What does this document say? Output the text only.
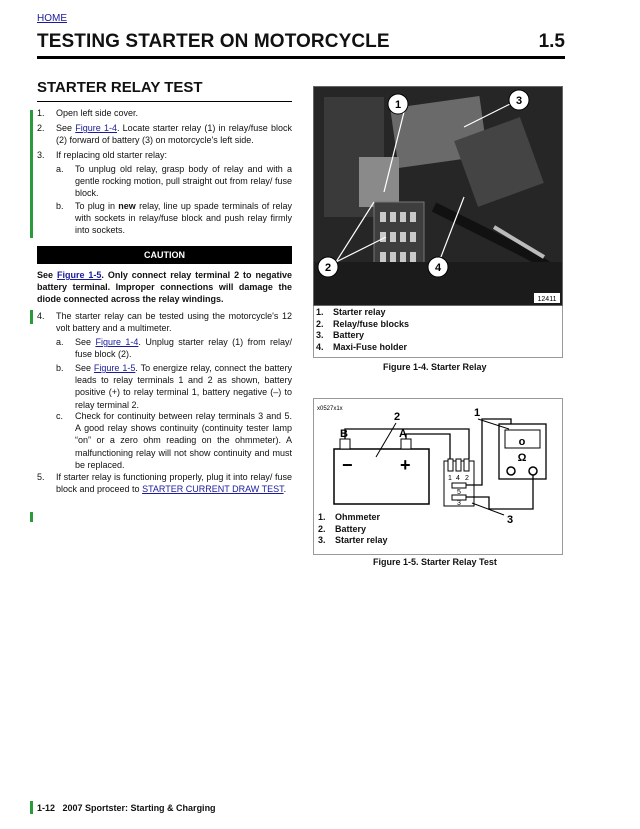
HOME
TESTING STARTER ON MOTORCYCLE	1.5
STARTER RELAY TEST
1. Open left side cover.
2. See Figure 1-4. Locate starter relay (1) in relay/fuse block (2) forward of battery (3) on motorcycle's left side.
3. If replacing old starter relay:
a. To unplug old relay, grasp body of relay and with a gentle rocking motion, pull straight out from relay/ fuse block.
b. To plug in new relay, line up spade terminals of relay with sockets in relay/fuse block and push relay firmly into sockets.
CAUTION
See Figure 1-5. Only connect relay terminal 2 to negative battery terminal. Improper connections will damage the diode connected across the relay windings.
4. The starter relay can be tested using the motorcycle's 12 volt battery and a multimeter.
a. See Figure 1-4. Unplug starter relay (1) from relay/ fuse block (2).
b. See Figure 1-5. To energize relay, connect the battery leads to relay terminals 1 and 2 as shown, battery positive (+) to relay terminal 1, battery negative (–) to relay terminal 2.
c. Check for continuity between relay terminals 3 and 5. A good relay shows continuity (continuity tester lamp “on” or a zero ohm reading on the ohmmeter). A malfunctioning relay will not show continuity and must be replaced.
5. If starter relay is functioning properly, plug it into relay/ fuse block and proceed to STARTER CURRENT DRAW TEST.
1	3
2	4
12411
1. Starter relay
2. Relay/fuse blocks
3. Battery
4. Maxi-Fuse holder
Figure 1-4. Starter Relay
x0527x1x
B	A
−	+
o
Ω
1 4 2
5
3
2	1
3
1. Ohmmeter
2. Battery
3. Starter relay
Figure 1-5. Starter Relay Test
1-12 2007 Sportster: Starting & Charging
